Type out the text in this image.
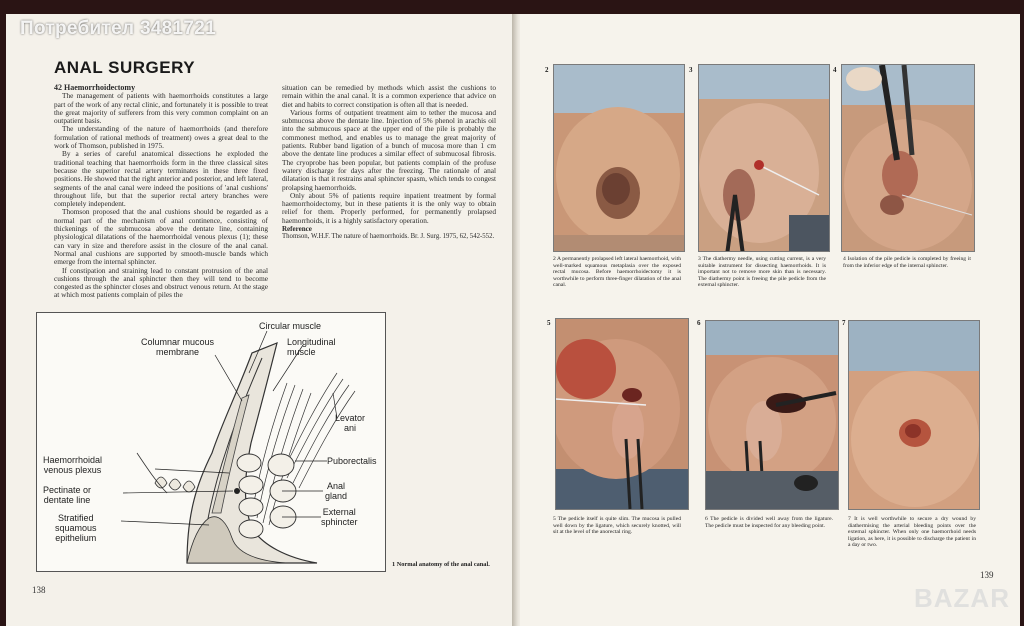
Потребител 3481721
BAZAR
ANAL SURGERY

42 Haemorrhoidectomy

The management of patients with haemorrhoids constitutes a large part of the work of any rectal clinic, and fortunately it is possible to treat the great majority of sufferers from this very common complaint on an outpatient basis.

The understanding of the nature of haemorrhoids (and therefore formulation of rational methods of treatment) owes a great deal to the work of Thomson, published in 1975.

By a series of careful anatomical dissections he exploded the traditional teaching that haemorrhoids form in the three classical sites because the superior rectal artery terminates in these three fixed positions. He showed that the right anterior and posterior, and left lateral, segments of the anal canal were indeed the positions of 'anal cushions' throughout life, but that the superior rectal artery branches were completely independent.

Thomson proposed that the anal cushions should be regarded as a normal part of the mechanism of anal continence, consisting of thickenings of the submucosa above the dentate line, containing physiological dilatations of the haemorrhoidal venous plexus (1); these can vary in size and therefore assist in the closure of the anal canal. Normal anal cushions are supported by smooth-muscle bands which emerge from the internal sphincter.

If constipation and straining lead to constant protrusion of the anal cushions through the anal sphincter then they will tend to become congested as the sphincter closes and obstruct venous return. At the stage at which most patients complain of piles the

situation can be remedied by methods which assist the cushions to remain within the anal canal. It is a common experience that advice on diet and habits to correct constipation is often all that is needed.

Various forms of outpatient treatment aim to tether the mucosa and submucosa above the dentate line. Injection of 5% phenol in arachis oil into the submucous space at the upper end of the pile is probably the commonest method, and enables us to manage the great majority of patients. Rubber band ligation of a bunch of mucosa more than 1 cm above the dentate line produces a similar effect of submucosal fibrosis. The cryoprobe has been popular, but patients complain of the profuse watery discharge for days after the freezing. The rationale of anal dilatation is that it restrains anal sphincter spasm, which tends to congest prolapsing haemorrhoids.

Only about 5% of patients require inpatient treatment by formal haemorrhoidectomy, but in these patients it is the only way to obtain relief for them. Properly performed, for permanently prolapsed haemorrhoids, it is a highly satisfactory operation.

Reference

Thomson, W.H.F. The nature of haemorrhoids. Br. J. Surg. 1975, 62, 542-552.

Circular muscle
Columnar mucous
membrane
Longitudinal
muscle
Levator
ani
Haemorrhoidal
venous plexus
Puborectalis
Pectinate or
dentate line
Anal
gland
External
sphincter
Stratified
squamous
epithelium
1 Normal anatomy of the anal canal.
138
2
2 A permanently prolapsed left lateral haemorrhoid, with well-marked squamous metaplasia over the exposed rectal mucosa. Before haemorrhoidectomy it is worthwhile to perform three-finger dilatation of the anal canal.
3
3 The diathermy needle, using cutting current, is a very suitable instrument for dissecting haemorrhoids. It is important not to remove more skin than is necessary. The diathermy point is freeing the pile pedicle from the external sphincter.
4
4 Isolation of the pile pedicle is completed by freeing it from the inferior edge of the internal sphincter.
5
5 The pedicle itself is quite slim. The mucosa is pulled well down by the ligature, which securely knotted, will sit at the level of the anorectal ring.
6
6 The pedicle is divided well away from the ligature. The pedicle must be inspected for any bleeding point.
7
7 It is well worthwhile to secure a dry wound by diathermising the arterial bleeding points over the external sphincter. When only one haemorrhoid needs ligation, as here, it is possible to discharge the patient in a day or two.
139
